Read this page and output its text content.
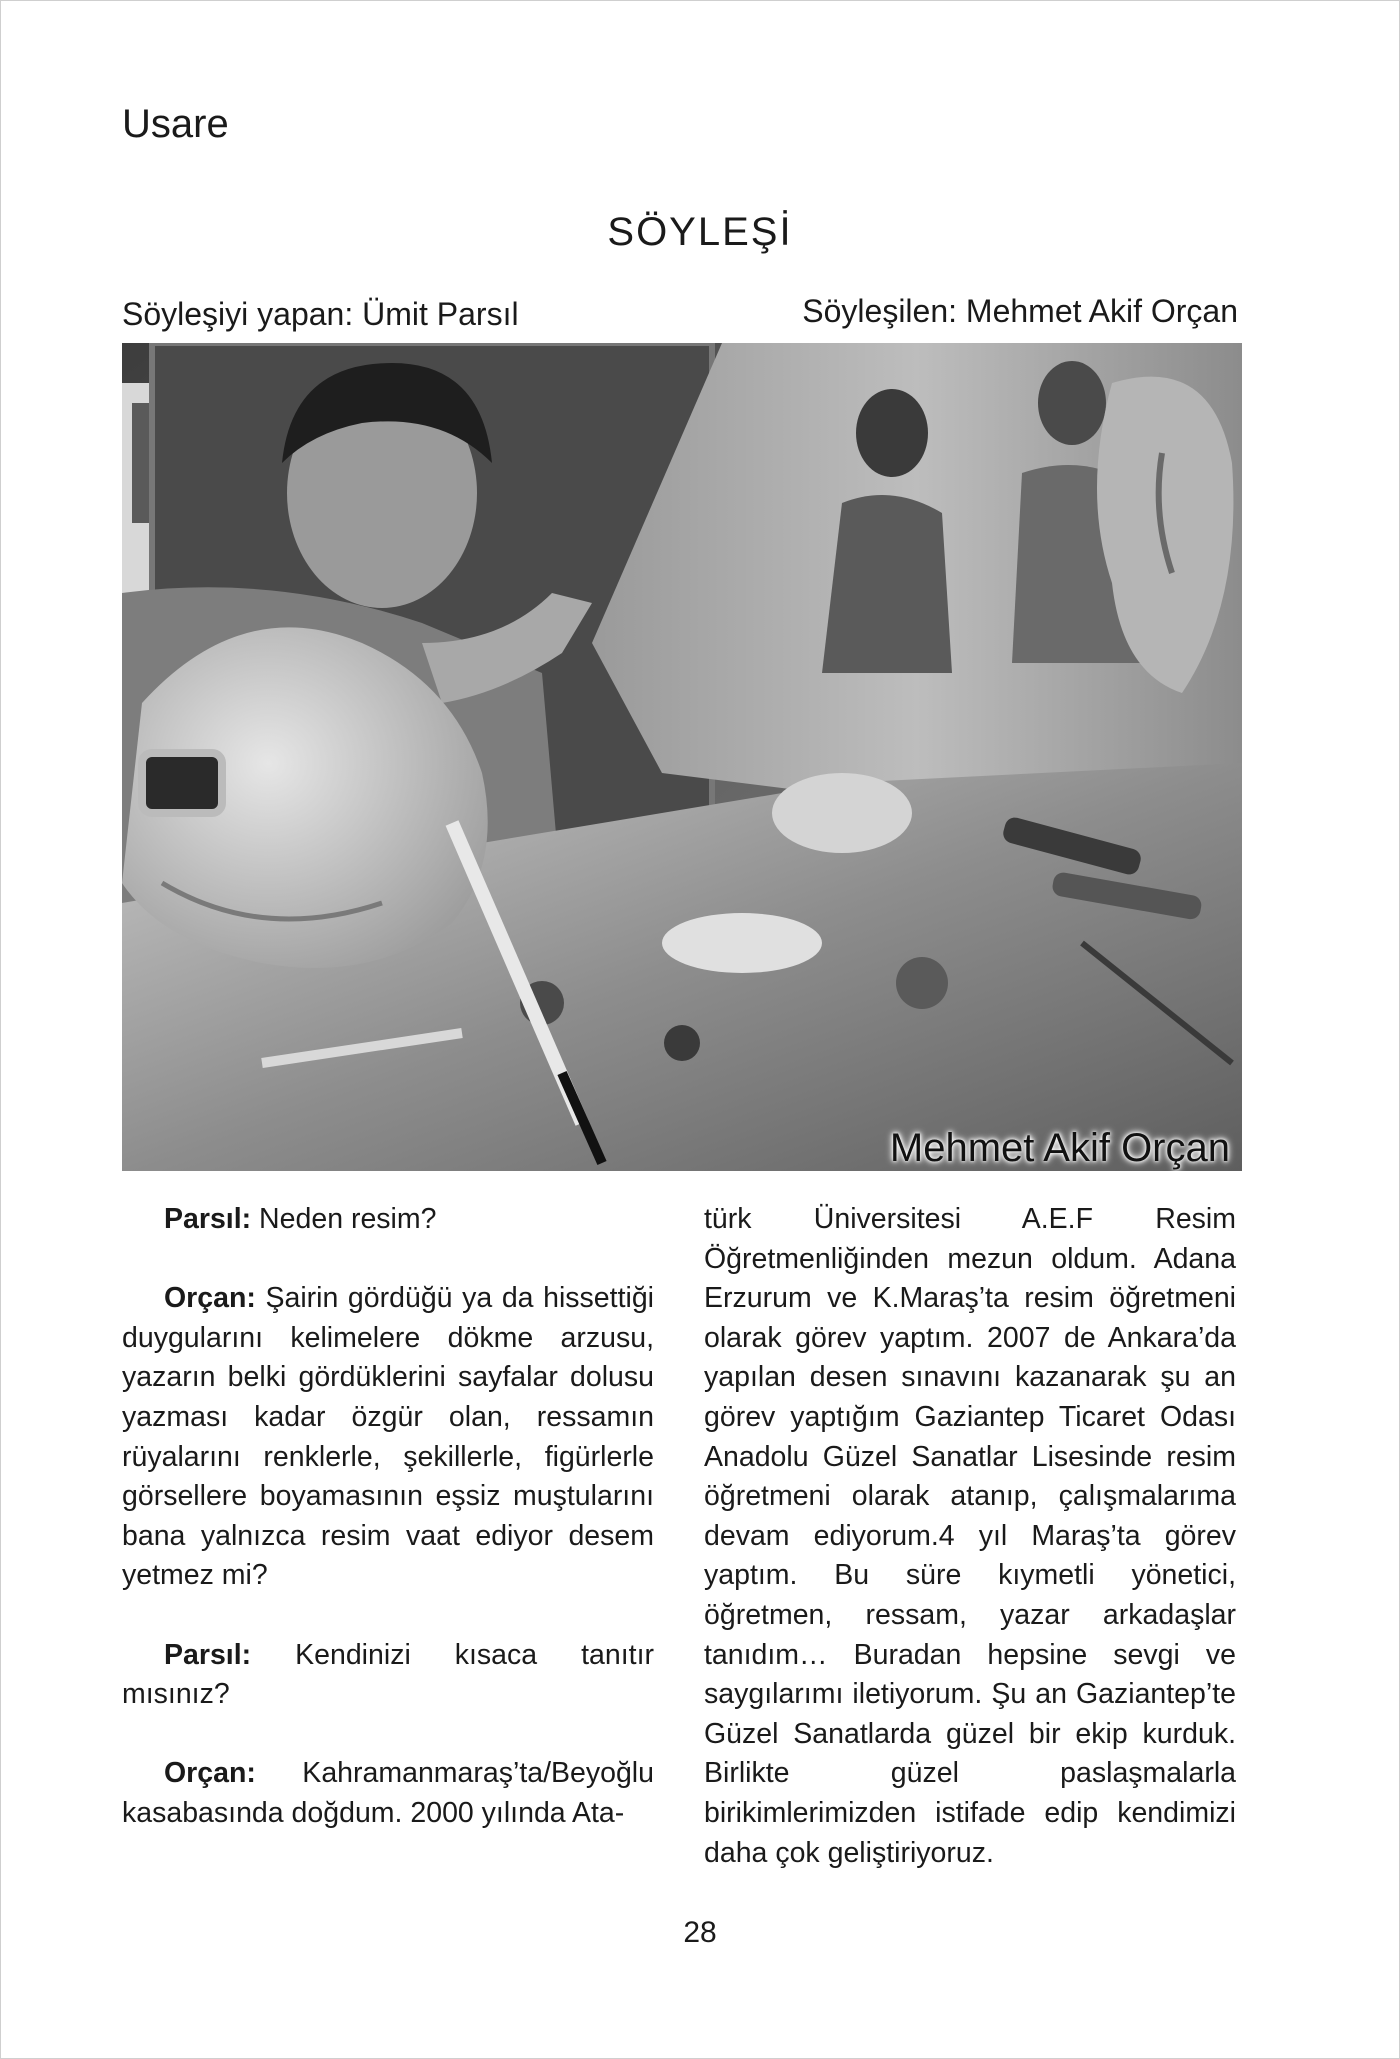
Usare
SÖYLEŞİ
Söyleşiyi yapan: Ümit Parsıl	Söyleşilen: Mehmet Akif Orçan
Mehmet Akif Orçan

Parsıl: Neden resim?

Orçan: Şairin gördüğü ya da hissettiği duygularını kelimelere dökme arzusu, yazarın belki gördüklerini sayfalar dolusu yazması kadar özgür olan, ressamın rüyalarını renklerle, şekillerle, figürlerle görsellere boyamasının eşsiz muştularını bana yalnızca resim vaat ediyor desem yetmez mi?

Parsıl: Kendinizi kısaca tanıtır mısınız?

Orçan: Kahramanmaraş’ta/Beyoğlu kasabasında doğdum. 2000 yılında Ata-

türk Üniversitesi A.E.F Resim Öğretmenliğinden mezun oldum. Adana Erzurum ve K.Maraş’ta resim öğretmeni olarak görev yaptım. 2007 de Ankara’da yapılan desen sınavını kazanarak şu an görev yaptığım Gaziantep Ticaret Odası Anadolu Güzel Sanatlar Lisesinde resim öğretmeni olarak atanıp, çalışmalarıma devam ediyorum.4 yıl Maraş’ta görev yaptım. Bu süre kıymetli yönetici, öğretmen, ressam, yazar arkadaşlar tanıdım… Buradan hepsine sevgi ve saygılarımı iletiyorum. Şu an Gaziantep’te Güzel Sanatlarda güzel bir ekip kurduk. Birlikte güzel paslaşmalarla birikimlerimizden istifade edip kendimizi daha çok geliştiriyoruz.

28
